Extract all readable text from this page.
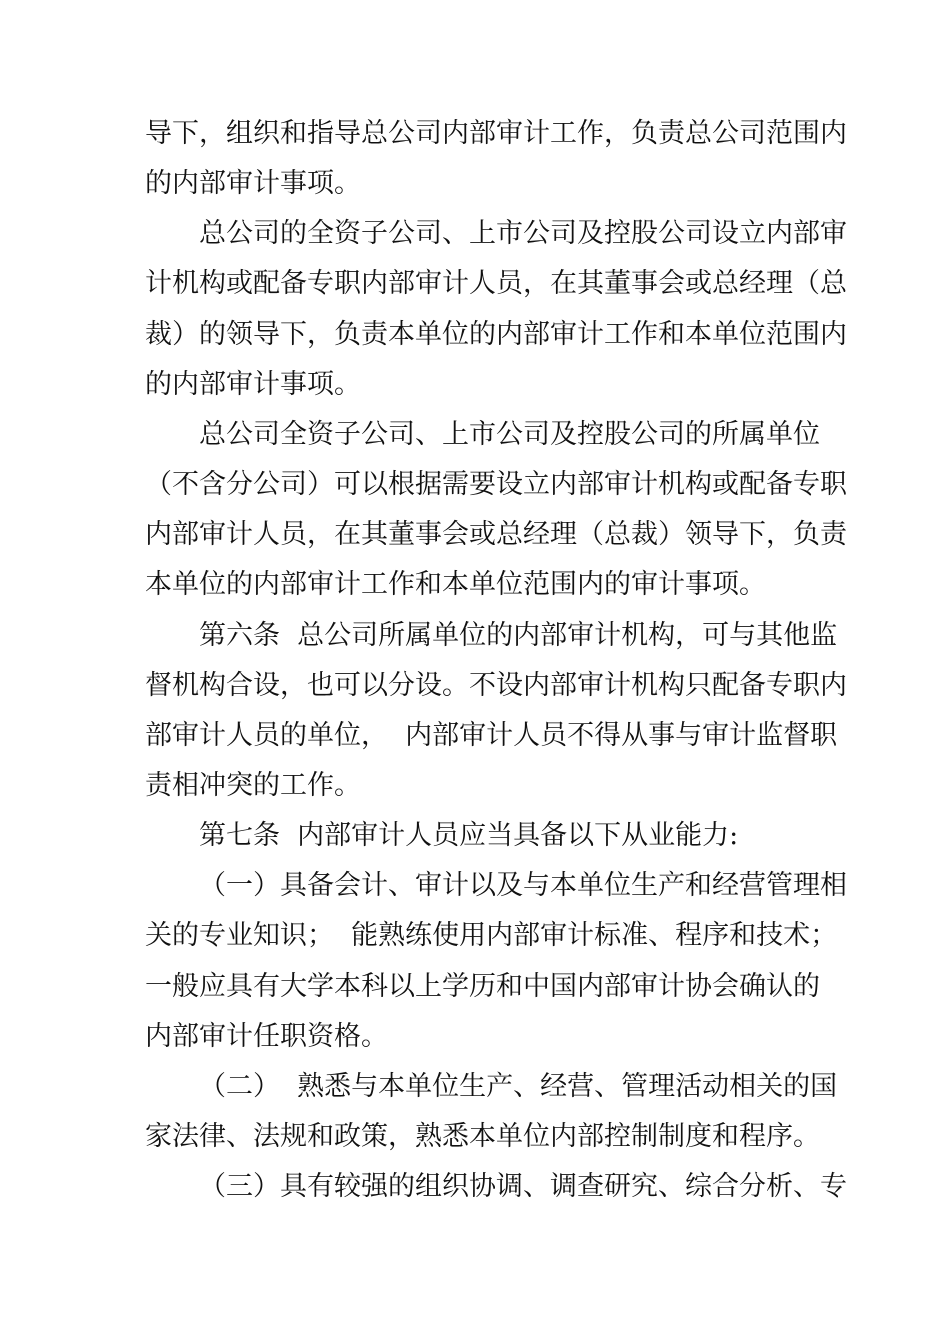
导下，组织和指导总公司内部审计工作，负责总公司范围内
的内部审计事项。
总公司的全资子公司、上市公司及控股公司设立内部审
计机构或配备专职内部审计人员，在其董事会或总经理（总
裁）的领导下，负责本单位的内部审计工作和本单位范围内
的内部审计事项。
总公司全资子公司、上市公司及控股公司的所属单位
（不含分公司）可以根据需要设立内部审计机构或配备专职
内部审计人员，在其董事会或总经理（总裁）领导下，负责
本单位的内部审计工作和本单位范围内的审计事项。
第六条  总公司所属单位的内部审计机构，可与其他监
督机构合设，也可以分设。不设内部审计机构只配备专职内
部审计人员的单位，  内部审计人员不得从事与审计监督职
责相冲突的工作。
第七条  内部审计人员应当具备以下从业能力:
（一）具备会计、审计以及与本单位生产和经营管理相
关的专业知识；  能熟练使用内部审计标准、程序和技术；
一般应具有大学本科以上学历和中国内部审计协会确认的
内部审计任职资格。
（二）  熟悉与本单位生产、经营、管理活动相关的国
家法律、法规和政策，熟悉本单位内部控制制度和程序。
（三）具有较强的组织协调、调查研究、综合分析、专
